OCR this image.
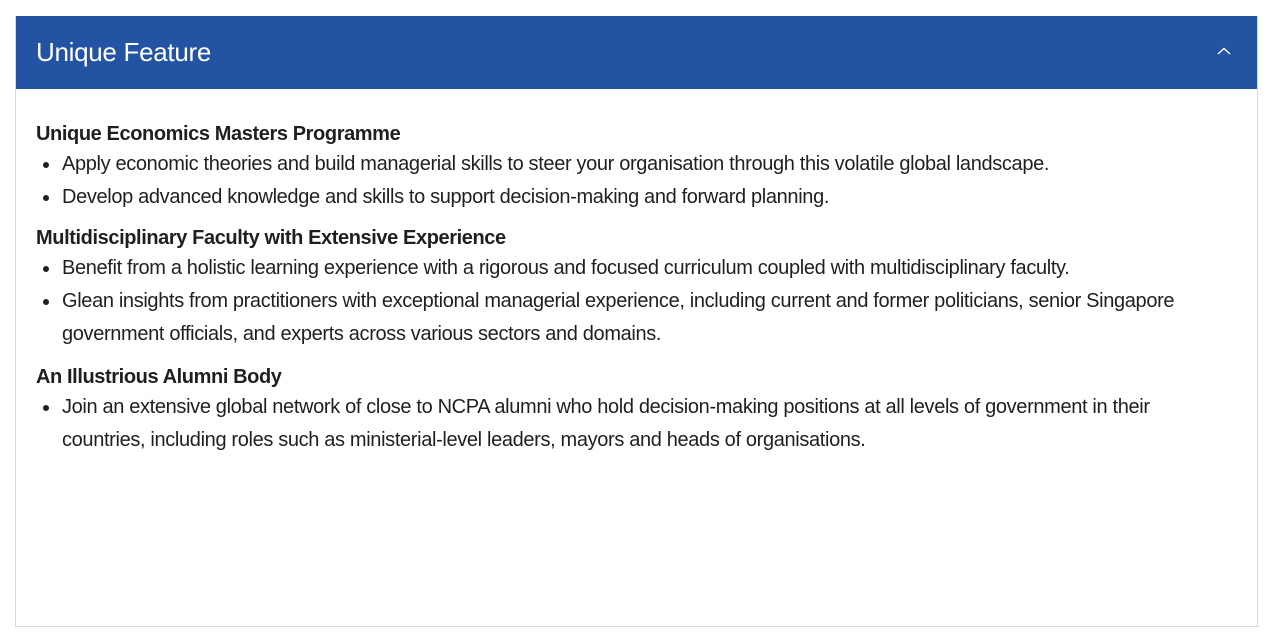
Unique Feature
Unique Economics Masters Programme
Apply economic theories and build managerial skills to steer your organisation through this volatile global landscape.
Develop advanced knowledge and skills to support decision-making and forward planning.
Multidisciplinary Faculty with Extensive Experience
Benefit from a holistic learning experience with a rigorous and focused curriculum coupled with multidisciplinary faculty.
Glean insights from practitioners with exceptional managerial experience, including current and former politicians, senior Singapore government officials, and experts across various sectors and domains.
An Illustrious Alumni Body
Join an extensive global network of close to NCPA alumni who hold decision-making positions at all levels of government in their countries, including roles such as ministerial-level leaders, mayors and heads of organisations.
